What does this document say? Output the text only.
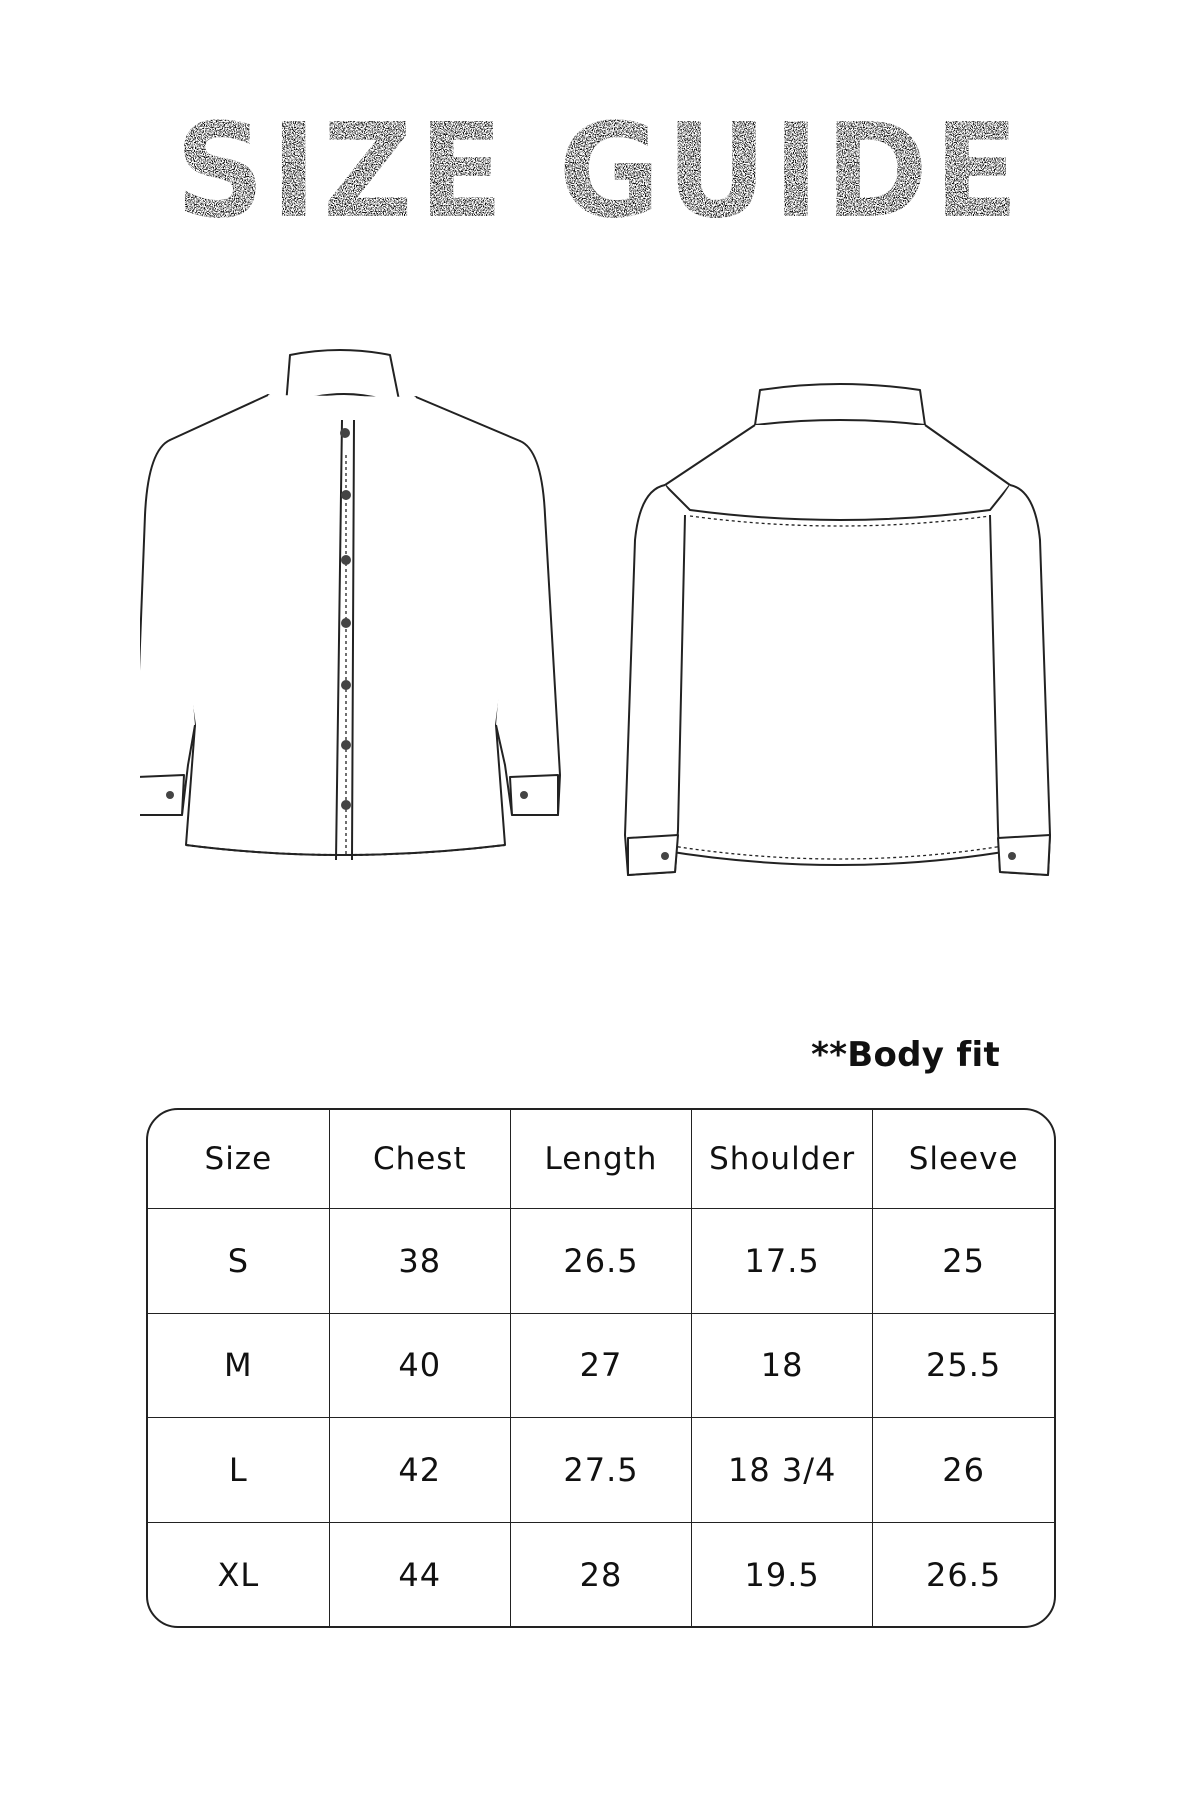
SIZE GUIDE
**Body fit
Size	Chest	Length	Shoulder	Sleeve
S	38	26.5	17.5	25
M	40	27	18	25.5
L	42	27.5	18 3/4	26
XL	44	28	19.5	26.5
